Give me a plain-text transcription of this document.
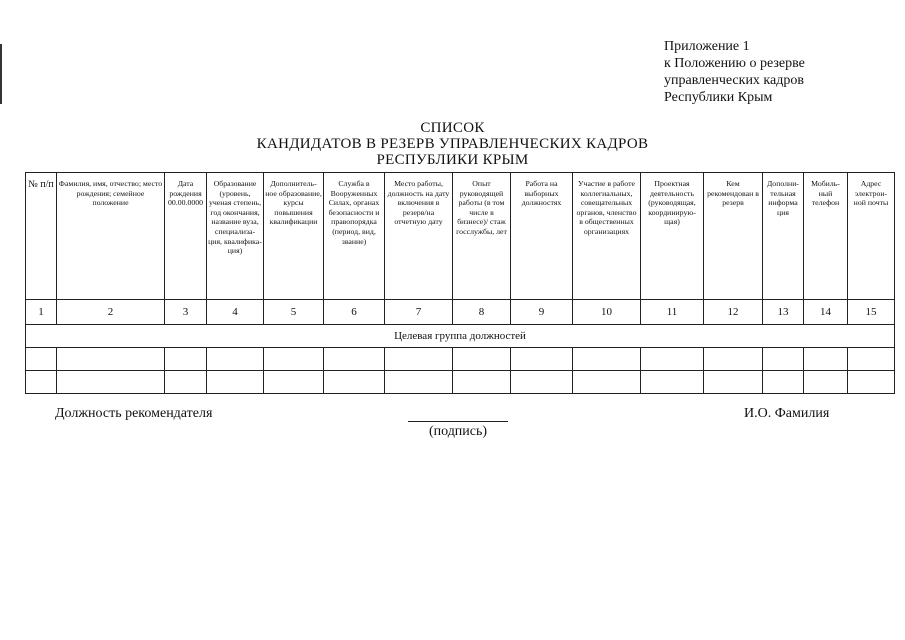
Приложение 1
к Положению о резерве
управленческих кадров
Республики Крым
СПИСОК
КАНДИДАТОВ В РЕЗЕРВ УПРАВЛЕНЧЕСКИХ КАДРОВ
РЕСПУБЛИКИ КРЫМ
№ п/п	Фамилия, имя, отчество; место рождения; семейное положение	Дата рождения 00.00.0000	Образование (уровень, ученая степень, год окончания, название вуза, специализа-ция, квалифика-ция)	Дополнитель-ное образование, курсы повышения квалификации	Служба в Вооруженных Силах, органах безопасности и правопорядка (период, вид, звание)	Место работы, должность на дату включения в резерв/на отчетную дату	Опыт руководящей работы (в том числе в бизнесе)/ стаж госслужбы, лет	Работа на выборных должностях	Участие в работе коллегиальных, совещательных органов, членство в общественных организациях	Проектная деятельность (руководящая, координирую-щая)	Кем рекомендован в резерв	Дополни-тельная информа ция	Мобиль-ный телефон	Адрес электрон-ной почты
1	2	3	4	5	6	7	8	9	10	11	12	13	14	15
Целевая группа должностей														

Должность рекомендателя
(подпись)
И.О. Фамилия
